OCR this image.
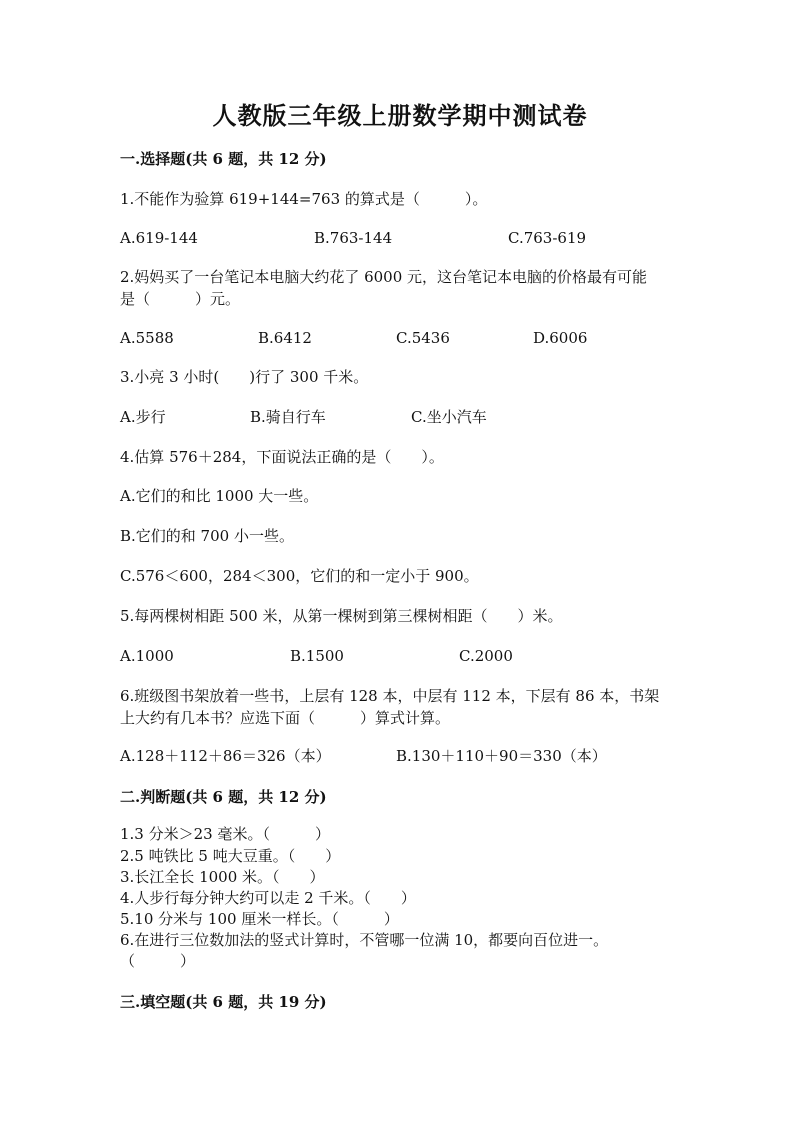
人教版三年级上册数学期中测试卷
一.选择题(共 6 题，共 12 分)
1.不能作为验算 619+144=763 的算式是（　　　）。
A.619-144	B.763-144	C.763-619
2.妈妈买了一台笔记本电脑大约花了 6000 元，这台笔记本电脑的价格最有可能
是（　　　）元。
A.5588	B.6412	C.5436	D.6006
3.小亮 3 小时(　　)行了 300 千米。
A.步行	B.骑自行车	C.坐小汽车
4.估算 576＋284，下面说法正确的是（　　）。
A.它们的和比 1000 大一些。
B.它们的和 700 小一些。
C.576＜600，284＜300，它们的和一定小于 900。
5.每两棵树相距 500 米，从第一棵树到第三棵树相距（　　）米。
A.1000	B.1500	C.2000
6.班级图书架放着一些书，上层有 128 本，中层有 112 本，下层有 86 本，书架
上大约有几本书？应选下面（　　　）算式计算。
A.128＋112＋86＝326（本）	B.130＋110＋90＝330（本）
二.判断题(共 6 题，共 12 分)
1.3 分米＞23 毫米。（　　　）
2.5 吨铁比 5 吨大豆重。（　　）
3.长江全长 1000 米。（　　）
4.人步行每分钟大约可以走 2 千米。（　　）
5.10 分米与 100 厘米一样长。（　　　）
6.在进行三位数加法的竖式计算时，不管哪一位满 10，都要向百位进一。
（　　　）
三.填空题(共 6 题，共 19 分)
